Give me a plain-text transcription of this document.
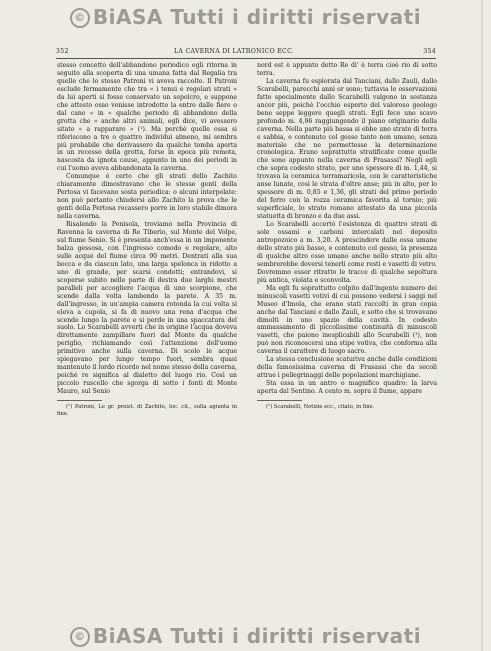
© BiASA Tutti i diritti riservati
352	LA CAVERNA DI LATRONICO ECC.	354

stesso concetto dell'abbandono periodico egli ritorna in seguito alla scoperta di una umana fatta dal Regalia tra quelle che lo stesso Patroni vi aveva raccolte. Il Patroni esclude fermamente che tra « i tenui e regolari strati » da lui aperti si fosse conservato un sepolcro, e suppone che attesto osso venisse introdotto la entro dalle fiere o dal cane « in « qualche periodo di abbandono della grotta che « anche altri animali, egli dice, vi avessero sitato « a rapparare » (¹). Ma perchè quelle ossa si riferiscono a tre o quattro individui almeno, mi sembra più probabile che derivassero da qualche tomba aperta in un recesso della grotta, forse in epoca più remota, nascosta da ignota cause, appunto in uno dei periodi in cui l'uomo aveva abbandonata la caverna.

Comunque è certo che gli strati dello Zachito chiaramente dimostravano che le stesse genti della Pertosa vi facevano sosta periodica: o alcuni interpolate: non può pertanto chiudersi allo Zachito la prova che le genti della Pertosa recassero porre in loro stabile dimora nella caverna.

Risalendo la Penisola, troviamo nella Provincia di Ravenna la caverna di Re Tiberio, sul Monte del Volpe, sul fiume Senio. Si è presenta anch'essa in un imponente balza gessosa, con l'ingresso comodo e regolare, alto sulle acque del fiume circa 90 metri. Dentrati alla sua bocca e da ciascun lato, una larga spelonca in ridotto a uno di grande, per scarsi condotti; entrandovi, si scoperse subito nelle parte di destra due larghi mestri paralleli per accogliere l'acqua di uno scorpione, che scende dalla volta lambendo la parete. A 35 m. dall'ingresso, in un'ampia camera rotonda la cui volta si eleva a cupola, si fa di nuovo una rena d'acqua che scende lungo la parete e si perde in una spaccatura del suolo. Lo Scarabelli avverti che in origine l'acqua doveva direttamente zampillare fuori dal Monte da qualche periglio, richiamando così l'attenzione dell'uomo primitivo anche sulla caverna. Di scolo le acque spiegavano per lungo tempo fuori, sembra quasi mantenuto il lordo ricordo nel nome stesso della caverna, poichè re significa al dialetto del luogo rio. Così un piccolo ruscello che sgorga di sotto i fonti di Monte Mauro, sul Senio

(¹) Patroni, Le gr. preist. di Zachito, loc. cit., sulla agiunta in fine.

nord est è appunto detto Re di' è terra cioè rio di sotto terra.

La caverna fu esplorata dal Tanciani, dallo Zauli, dallo Scarabelli, parecchi anni or sono; tuttavia le osservazioni fatte specialmente dallo Scarabelli valgono in sostanza ancor più, poichè l'occhio esperto del valoroso geologo bene seppe leggere quegli strati. Egli fece uno scavo profondo m. 4,96 raggiungendo il piano originario della caverna. Nella parte più bassa si ebbe uno strato di terra e sabbia, e contenuto col gesso tanto non umano, senza materiale che ne permettesse la determinazione cronologica. Erano soprattutto stratificate come quelle che sono appunto nella caverna di Frasassi? Negli egli che sopra codesto strato, per uno spessore di m. 1,44, si trovava la ceramica terramaricola, con le caratteristiche anse lunate, così le strata d'oltre anse; più in alto, per lo spessore di m. 0,85 e 1,36, gli strati del primo periodo del ferro con la rozza ceramica favorita al tornio; più superficiale, lo strato romano attestato da una piccola statuetta di bronzo e da due assi.

Lo Scarabelli accertò l'esistenza di quattro strati di sole ossami e carboni intercalati nel deposito antropozoico a m. 3,20. A prescindere dalle ossa umane dello strato più basso, e contenuto col gesso, la presenza di qualche altro osso umano anche nello strato più alto sembrerebbe doversi tenerli come resti e vasetti di vetro. Dovremmo esser ritratto le tracce di qualche sepoltura più antica, violata e sconvolta.

Ma egli fu soprattutto colpito dall'ingente numero dei minuscoli vasetti votivi di cui possono vedersi i saggi nel Museo d'Imola, che erano stati raccolti in gran copia anche dal Tanciani e dallo Zauli, e sotto che si trovavano dimolti in uno spazio della cavità. In codesto ammassamento di piccolissime continuità di minuscoli vasetti, che paiono inesplicabili allo Scarabelli (¹), non può non riconoscersi una stipe votiva, che conforma alla caverna il carattere di luogo sacro.

La stessa conclusione scaturiva anche dalle condizioni della famosissima caverna di Frasassi che da secoli attrae i pellegrinaggi delle popolazioni marchigiane.

Sta essa in un antro o magnifico quadro: la larva aperta dal Sentino. A cento m. sopra il fiume, appare

(¹) Scarabelli, Notizie ecc., citato, in fine.

© BiASA Tutti i diritti riservati
